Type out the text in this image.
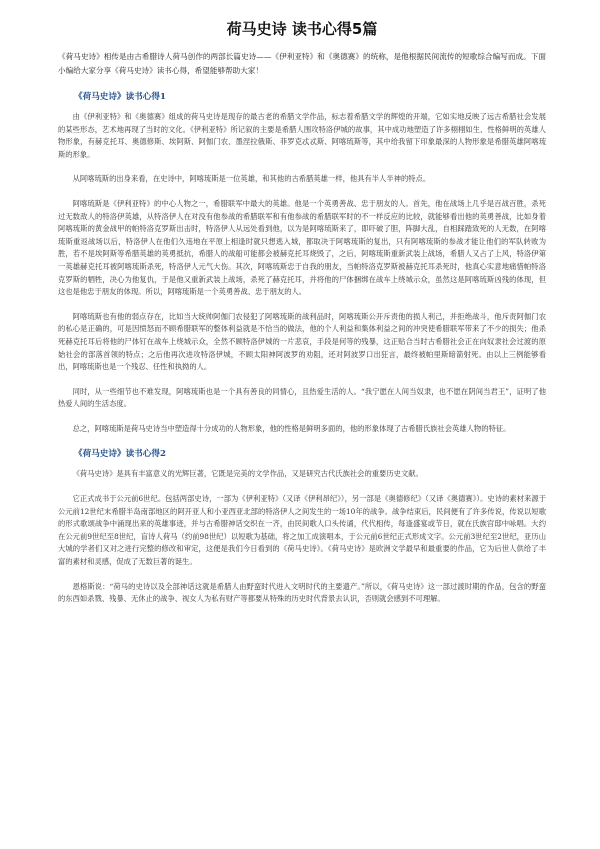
荷马史诗 读书心得5篇

《荷马史诗》相传是由古希腊诗人荷马创作的两部长篇史诗——《伊利亚特》和《奥德赛》的统称，是他根据民间流传的短歌综合编写而成。下面小编给大家分享《荷马史诗》读书心得，希望能够帮助大家！

《荷马史诗》读书心得1

由《伊利亚特》和《奥德赛》组成的荷马史诗是现存的最古老的希腊文学作品，标志着希腊文学的辉煌的开端，它如实地反映了远古希腊社会发展的某些形态，艺术地再现了当时的文化。《伊利亚特》所记叙的主要是希腊人围攻特洛伊城的故事，其中成功地塑造了许多栩栩如生、性格鲜明的英雄人物形象，有赫克托耳、奥德修斯、埃阿斯、阿伽门农、墨涅拉俄斯、菲罗克忒忒斯、阿喀琉斯等，其中给我留下印象最深的人物形象是希腊英雄阿喀琉斯的形象。

从阿喀琉斯的出身来看，在史诗中，阿喀琉斯是一位英雄，和其他的古希腊英雄一样，他具有半人半神的特点。

阿喀琉斯是《伊利亚特》的中心人物之一，希腊联军中最大的英雄。他是一个英勇善战、忠于朋友的人。首先，他在战场上几乎是百战百胜，杀死过无数敌人的特洛伊英雄，从特洛伊人在对没有他参战的希腊联军和有他参战的希腊联军时的不一样反应的比较，就能够看出他的英勇善战，比如身着阿喀琉斯的黄金战甲的帕特洛克罗斯出击时，特洛伊人从远处看到他，以为是阿喀琉斯来了，即吓破了胆，阵脚大乱，自相踩踏致死的人无数，在阿喀琉斯重返战场以后，特洛伊人在他们久违地在平原上相逢时就只想逃入城，都取决于阿喀琉斯的复出，只有阿喀琉斯的参战才能让他们的军队转败为胜，若不是埃阿斯等希腊英雄的英勇抵抗，希腊人的战船可能都会被赫克托耳烧毁了，之后，阿喀琉斯重新武装上战场，希腊人又占了上风，特洛伊第一英雄赫克托耳被阿喀琉斯杀死，特洛伊人元气大伤。其次，阿喀琉斯忠于自我的朋友，当帕特洛克罗斯被赫克托耳杀死时，他真心实意地痛惜帕特洛克罗斯的牺牲，决心为他复仇，于是他又重新武装上战场，杀死了赫克托耳，并将他的尸体捆绑在战车上绕城示众，虽然这是阿喀琉斯凶残的体现，但这也是他忠于朋友的体现。所以，阿喀琉斯是一个英勇善战、忠于朋友的人。

阿喀琉斯也有他的弱点存在，比如当大统帅阿伽门农侵犯了阿喀琉斯的战利品时，阿喀琉斯公开斥责他的损人利己，并拒绝战斗，他斥责阿伽门农的私心是正确的，可是因愤怒而不顾希腊联军的整体利益就是不恰当的做法，他的个人利益和集体利益之间的冲突使希腊联军带来了不少的损失；他杀死赫克托耳后将他的尸体钉在战车上绕城示众，全然不顾特洛伊城的一片悲哀，手段是何等的残暴，这正贴合当时古希腊社会正在向奴隶社会过渡的原始社会的部落首领的特点；之后他再次进攻特洛伊城，不顾太阳神阿波罗的劝阻，还对阿波罗口出狂言，最终被帕里斯暗箭射死。由以上三例能够看出，阿喀琉斯也是一个残忍、任性和执拗的人。

同时，从一些细节也不难发现，阿喀琉斯也是一个具有善良的同情心，且热爱生活的人。“我宁愿在人间当奴隶，也不愿在阴间当君王”，证明了他热爱人间的生活态度。

总之，阿喀琉斯是荷马史诗当中塑造得十分成功的人物形象，他的性格是鲜明多面的，他的形象体现了古希腊氏族社会英雄人物的特征。

《荷马史诗》读书心得2

《荷马史诗》是具有丰富意义的光辉巨著，它既是完美的文学作品，又是研究古代氏族社会的重要历史文献。

它正式成书于公元前6世纪。包括两部史诗，一部为《伊利亚特》（又译《伊利昂纪》），另一部是《奥德修纪》（又译《奥德赛》）。史诗的素材来源于公元前12世纪末希腊半岛南部地区的阿开亚人和小亚西亚北部的特洛伊人之间发生的一场10年的战争。战争结束后，民间便有了许多传说，传说以短歌的形式歌颂战争中涌现出来的英雄事迹，并与古希腊神话交织在一齐，由民间歌人口头传诵，代代相传，每逢盛宴或节日，就在氏族宫邸中咏唱。大约在公元前9世纪至8世纪，盲诗人荷马（约前98世纪）以短歌为基础，将之加工成演唱本，于公元前6世纪正式形成文字。公元前3世纪至2世纪，亚历山大城的学者们又对之进行完整的修改和审定，这便是我们今日看到的《荷马史诗》。《荷马史诗》是欧洲文学最早和最重要的作品，它为后世人供给了丰富的素材和灵感，促成了无数巨著的诞生。

恩格斯说：“荷马的史诗以及全部神话这就是希腊人由野蛮时代进入文明时代的主要遗产。”所以，《荷马史诗》这一部过渡时期的作品，包含的野蛮的东西如杀戮、残暴、无休止的战争、视女人为私有财产等都要从特殊的历史时代背景去认识，否则就会感到不可理解。
